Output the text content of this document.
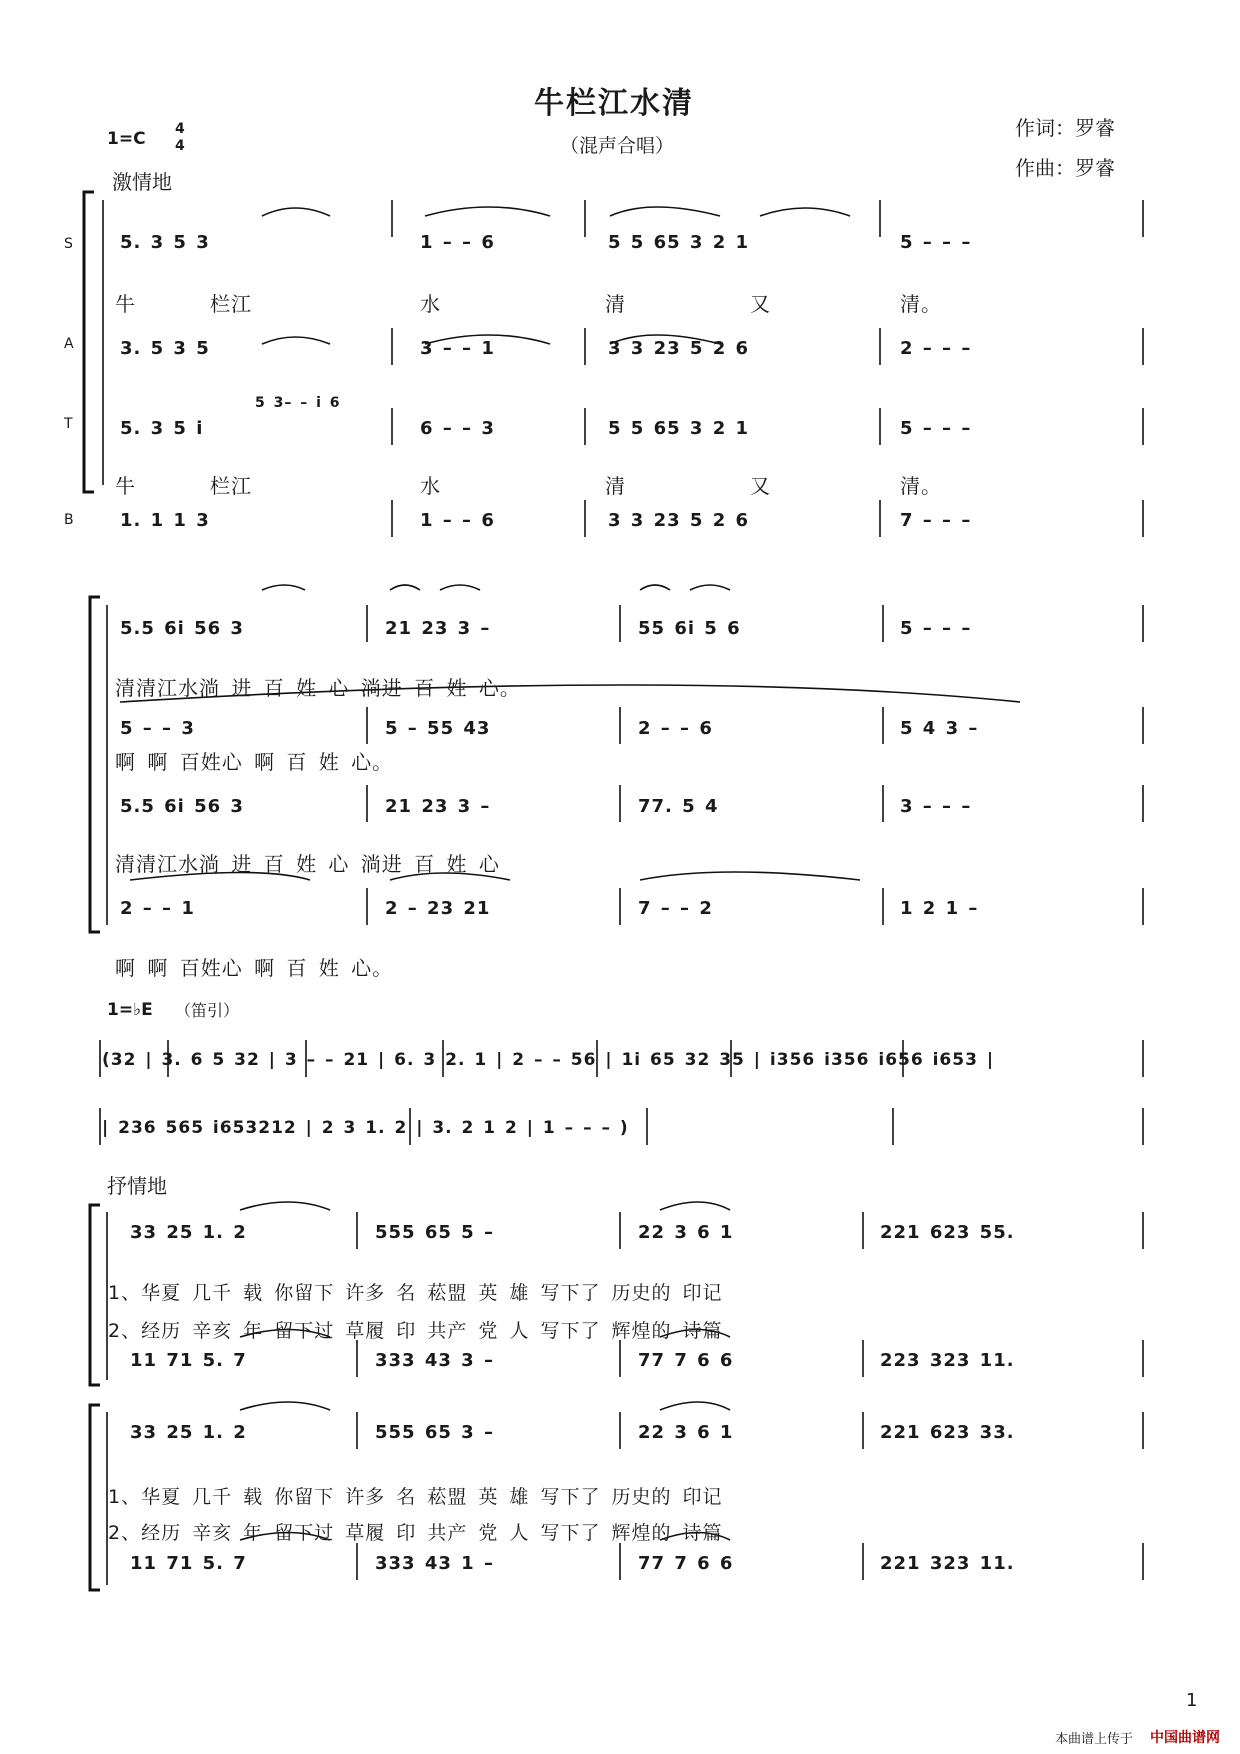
牛栏江水清
（混声合唱）
作词：罗睿
作曲：罗睿
1=C 4
4
激情地
S
A
T
B
5. 3 5 3	1 – – 6	5 5 65 3 2 1	5 – – –
牛	栏江	水	清	又	清。
3. 5 3 5	3 – – 1	3 3 23 5 2 6	2 – – –
5 3– – i 6
5. 3 5 i	6 – – 3	5 5 65 3 2 1	5 – – –
牛	栏江	水	清	又	清。
1. 1 1 3	1 – – 6	3 3 23 5 2 6	7 – – –
5.5 6i 56 3	21 23 3 –	55 6i 5 6	5 – – –
清清江水淌 进 百 姓 心 淌进 百 姓 心。
5 – – 3	5 – 55 43	2 – – 6	5 4 3 –
啊 啊 百姓心 啊 百 姓 心。
5.5 6i 56 3	21 23 3 –	77. 5 4	3 – – –
清清江水淌 进 百 姓 心 淌进 百 姓 心
2 – – 1	2 – 23 21	7 – – 2	1 2 1 –
啊 啊 百姓心 啊 百 姓 心。
1=♭E （笛引）
(32 | 3. 6 5 32 | 3 – – 21 | 6. 3 2. 1 | 2 – – 56 | 1i 65 32 35 | i356 i356 i656 i653 |
| 236 565 i653212 | 2 3 1. 2 | 3. 2 1 2 | 1 – – – )
抒情地
33 25 1. 2	555 65 5 –	22 3 6 1	221 623 55.
1、华夏 几千 载 你留下 许多 名 菘盟 英 雄 写下了 历史的 印记
2、经历 辛亥 年 留下过 草履 印 共产 党 人 写下了 辉煌的 诗篇
11 71 5. 7	333 43 3 –	77 7 6 6	223 323 11.
33 25 1. 2	555 65 3 –	22 3 6 1	221 623 33.
1、华夏 几千 载 你留下 许多 名 菘盟 英 雄 写下了 历史的 印记
2、经历 辛亥 年 留下过 草履 印 共产 党 人 写下了 辉煌的 诗篇
11 71 5. 7	333 43 1 –	77 7 6 6	221 323 11.
1
本曲谱上传于 中国曲谱网
